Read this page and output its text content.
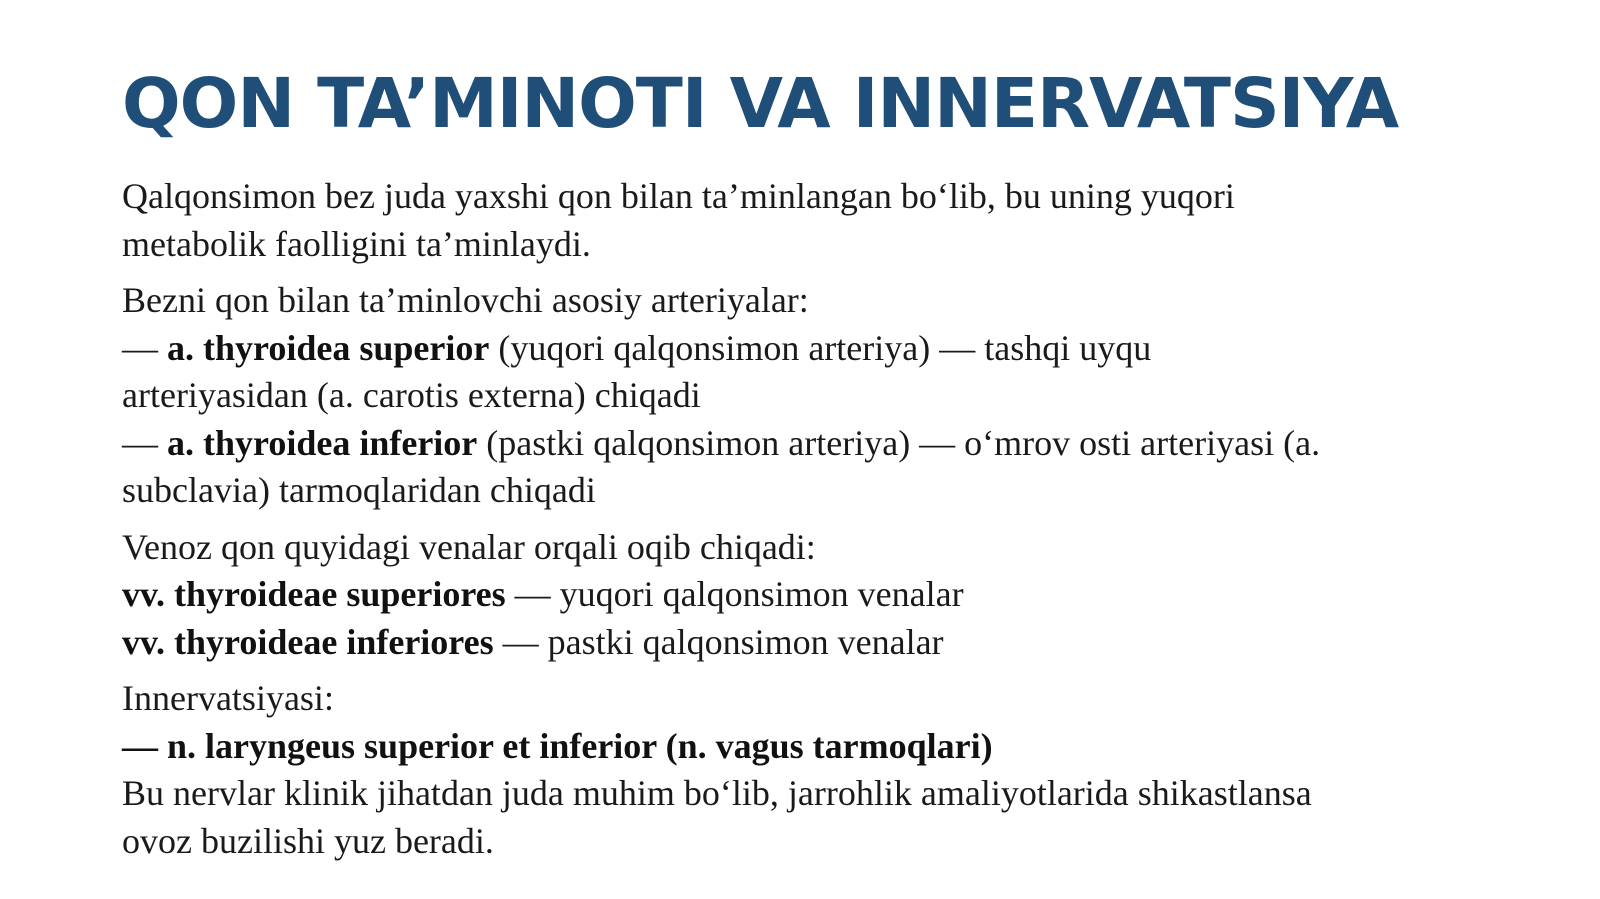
QON TA’MINOTI VA INNERVATSIYA

Qalqonsimon bez juda yaxshi qon bilan ta’minlangan bo‘lib, bu uning yuqori
metabolik faolligini ta’minlaydi.

Bezni qon bilan ta’minlovchi asosiy arteriyalar:
— a. thyroidea superior (yuqori qalqonsimon arteriya) — tashqi uyqu
arteriyasidan (a. carotis externa) chiqadi
— a. thyroidea inferior (pastki qalqonsimon arteriya) — o‘mrov osti arteriyasi (a.
subclavia) tarmoqlaridan chiqadi

Venoz qon quyidagi venalar orqali oqib chiqadi:
vv. thyroideae superiores — yuqori qalqonsimon venalar
vv. thyroideae inferiores — pastki qalqonsimon venalar

Innervatsiyasi:
— n. laryngeus superior et inferior (n. vagus tarmoqlari)
Bu nervlar klinik jihatdan juda muhim bo‘lib, jarrohlik amaliyotlarida shikastlansa
ovoz buzilishi yuz beradi.
